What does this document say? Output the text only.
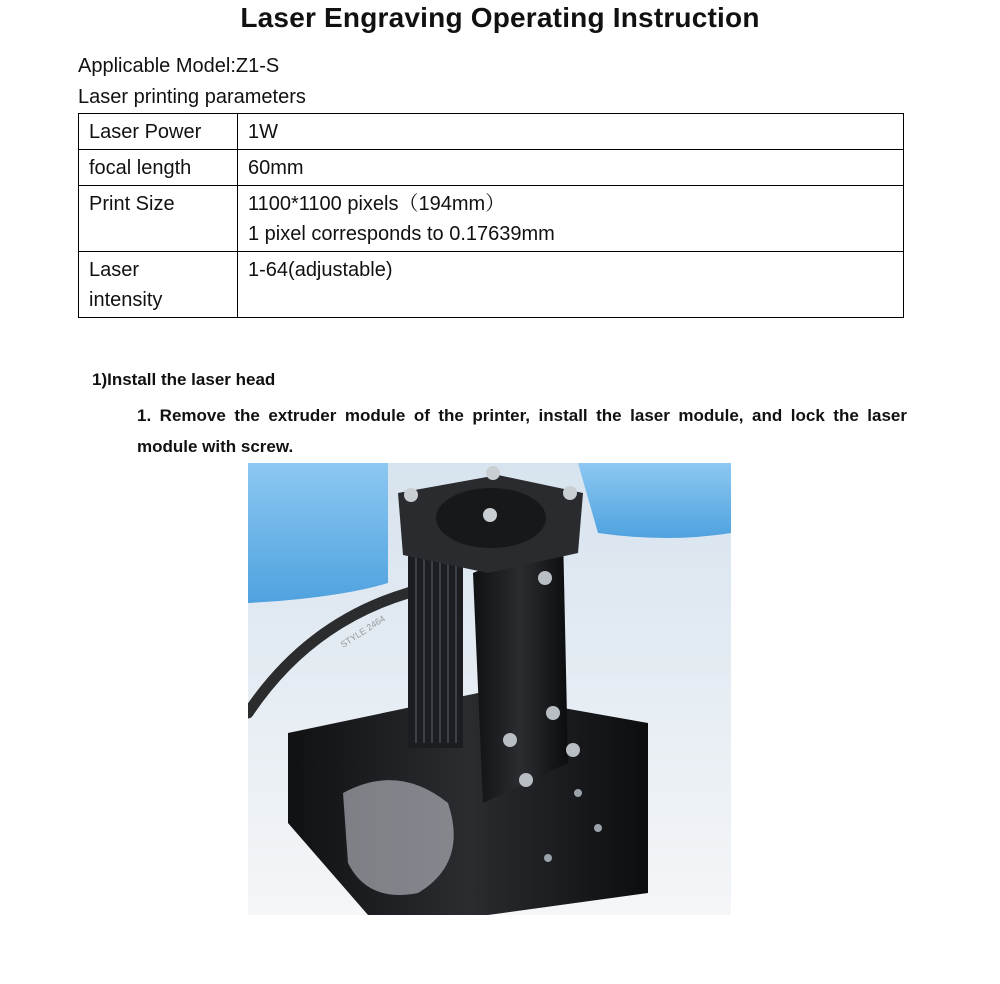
Laser Engraving Operating Instruction
Applicable Model:Z1-S
Laser printing parameters
Laser Power	1W

focal length	60mm

Print Size	1100*1100 pixels（194mm）
1 pixel corresponds to 0.17639mm

Laser intensity	1-64(adjustable)
1)Install the laser head
1. Remove the extruder module of the printer, install the laser module, and lock the laser module with screw.
STYLE 2464
